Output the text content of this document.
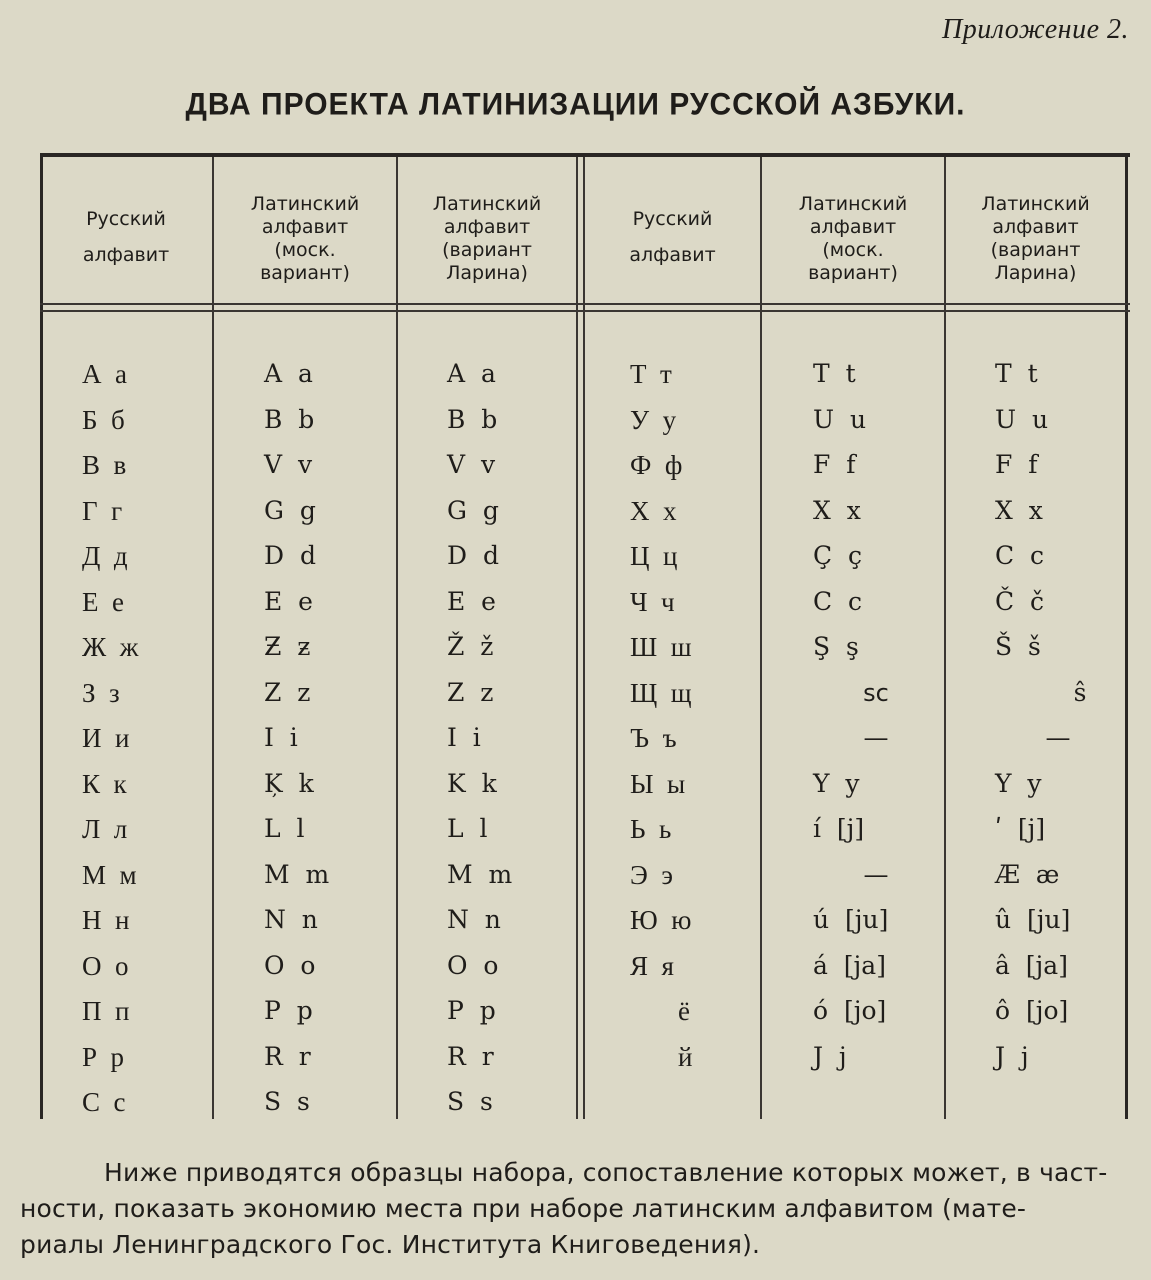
Приложение 2.
ДВА ПРОЕКТА ЛАТИНИЗАЦИИ РУССКОЙ АЗБУКИ.
Русский
алфавит
Латинский
алфавит
(моск.
вариант)
Латинский
алфавит
(вариант
Ларина)
Русский
алфавит
Латинский
алфавит
(моск.
вариант)
Латинский
алфавит
(вариант
Ларина)
А  а	A  a	A  a
Б  б	B  b	B  b
В  в	V  v	V  v
Г  г	G  g	G  g
Д  д	D  d	D  d
Е  е	E  e	E  e
Ж  ж	Ƶ  ƶ	Ž  ž
З  з	Z  z	Z  z
И  и	I  i	I  i
К  к	Ķ  k	K  k
Л  л	L  l	L  l
М  м	M  m	M  m
Н  н	N  n	N  n
О  о	O  o	O  o
П  п	P  p	P  p
Р  р	R  r	R  r
С  с	S  s	S  s
Т  т	T  t	T  t
У  у	U  u	U  u
Ф  ф	F  f	F  f
Х  х	X  x	X  x
Ц  ц	Ç  ç	C  c
Ч  ч	C  c	Č  č
Ш  ш	Ş  ş	Š  š
Щ  щ	sc	ŝ
Ъ  ъ	—	—
Ы  ы	Y  y	Y  y
Ь  ь	í  [j]	ʹ  [j]
Э  э	—	Æ  æ
Ю  ю	ú  [ju]	û  [ju]
Я  я	á  [ja]	â  [ja]
ё	ó  [jo]	ô  [jo]
й	J  j	J  j
Ниже приводятся образцы набора, сопоставление которых может, в част-
ности, показать экономию места при наборе латинским алфавитом (мате-
риалы Ленинградского Гос. Института Книговедения).
